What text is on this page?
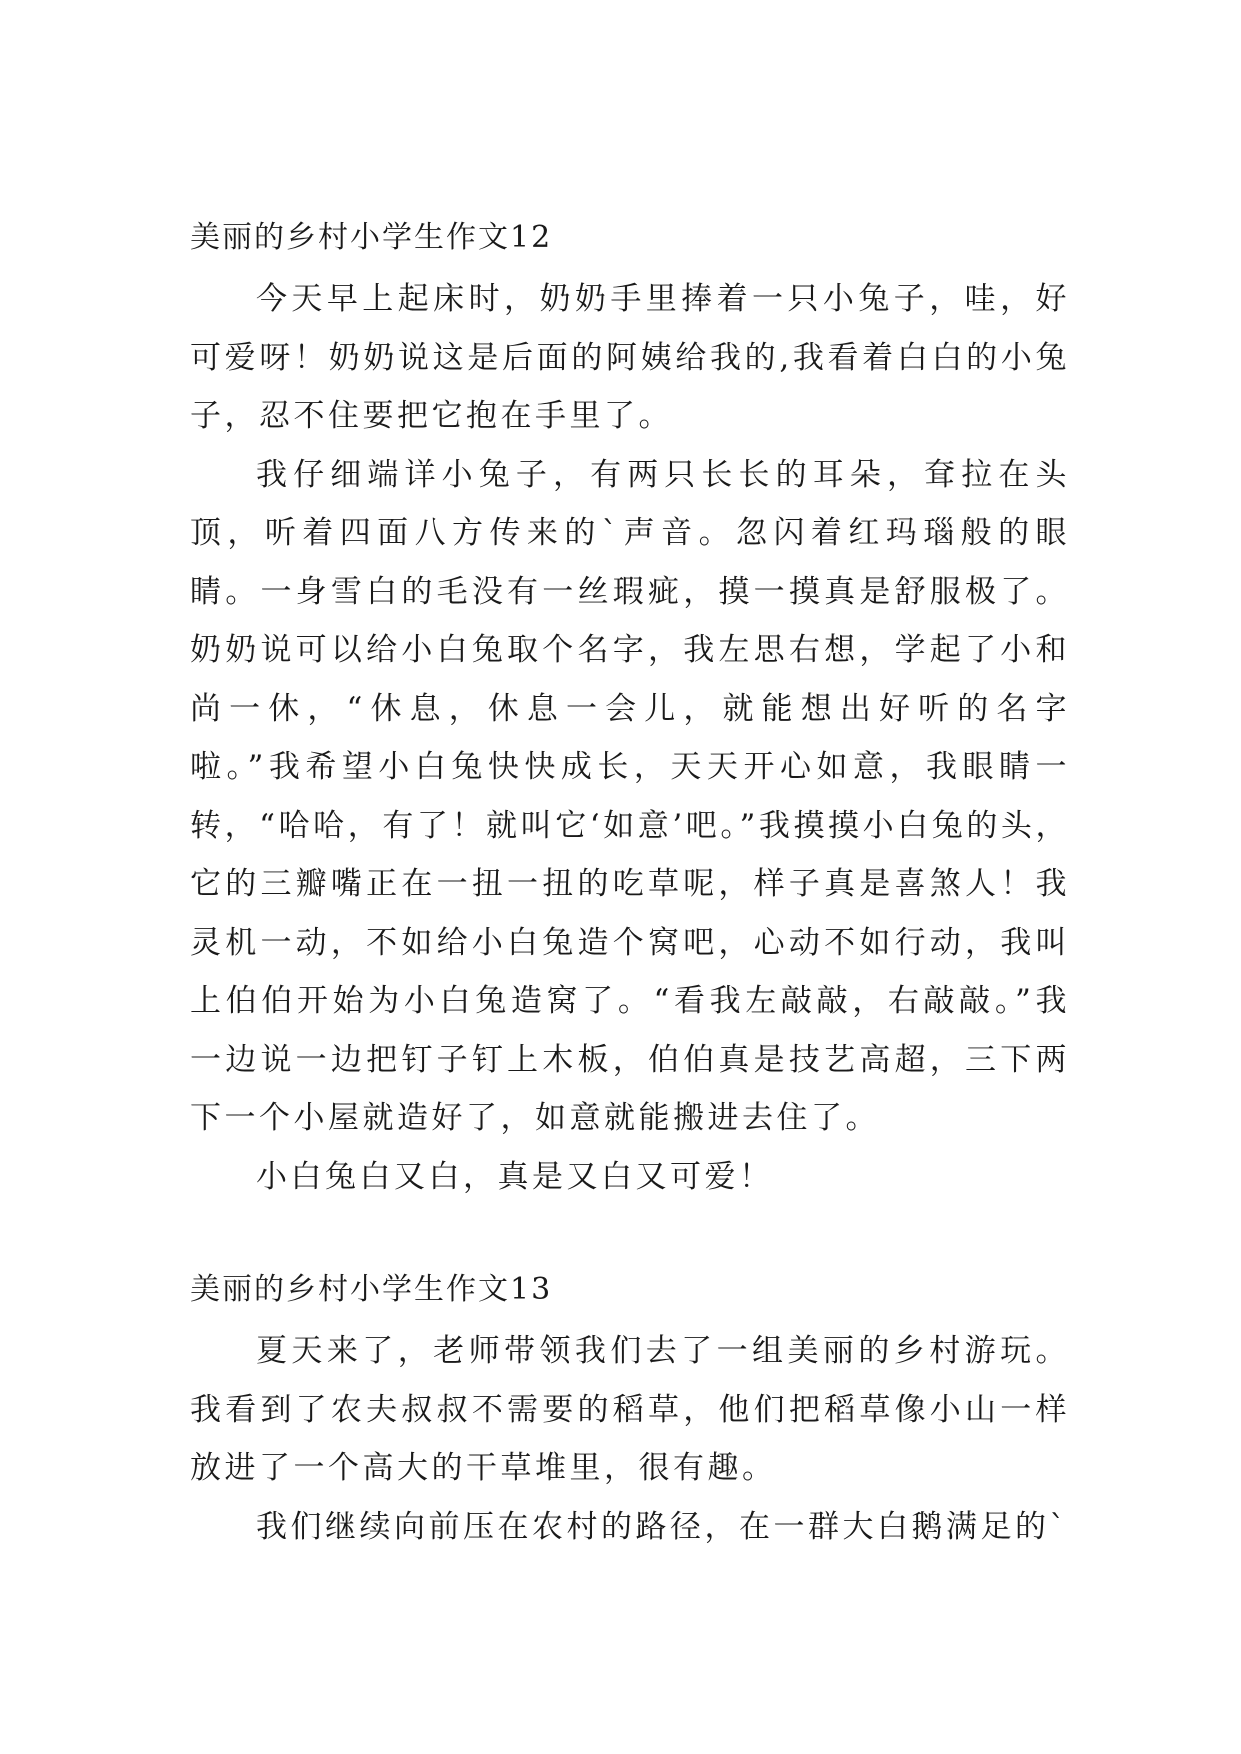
美丽的乡村小学生作文12

今天早上起床时，奶奶手里捧着一只小兔子，哇，好可爱呀！奶奶说这是后面的阿姨给我的,我看着白白的小兔子，忍不住要把它抱在手里了。

我仔细端详小兔子，有两只长长的耳朵，耷拉在头顶，听着四面八方传来的`声音。忽闪着红玛瑙般的眼睛。一身雪白的毛没有一丝瑕疵，摸一摸真是舒服极了。奶奶说可以给小白兔取个名字，我左思右想，学起了小和尚一休，“休息，休息一会儿，就能想出好听的名字啦。”我希望小白兔快快成长，天天开心如意，我眼睛一转，“哈哈，有了！就叫它‘如意’吧。”我摸摸小白兔的头，它的三瓣嘴正在一扭一扭的吃草呢，样子真是喜煞人！我灵机一动，不如给小白兔造个窝吧，心动不如行动，我叫上伯伯开始为小白兔造窝了。“看我左敲敲，右敲敲。”我一边说一边把钉子钉上木板，伯伯真是技艺高超，三下两下一个小屋就造好了，如意就能搬进去住了。

小白兔白又白，真是又白又可爱！

美丽的乡村小学生作文13

夏天来了，老师带领我们去了一组美丽的乡村游玩。我看到了农夫叔叔不需要的稻草，他们把稻草像小山一样放进了一个高大的干草堆里，很有趣。

我们继续向前压在农村的路径，在一群大白鹅满足的`
